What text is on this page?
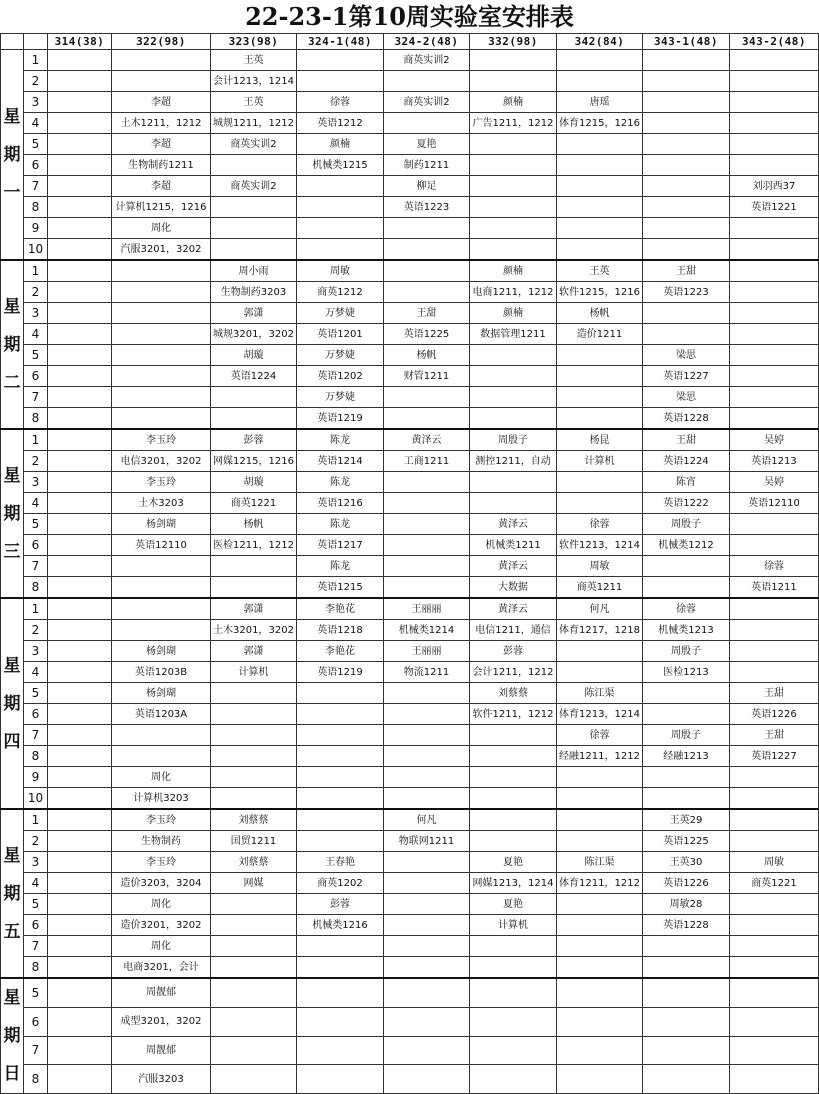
22-23-1第10周实验室安排表
		314(38)	322(98)	323(98)	324-1(48)	324-2(48)	332(98)	342(84)	343-1(48)	343-2(48)

星
期
一	1			王英		商英实训2				
	2			会计1213，1214						
	3		李超	王英	徐蓉	商英实训2	颜楠	唐瑶		
	4		土木1211，1212	城规1211，1212	英语1212		广告1211，1212	体育1215，1216		
	5		李超	商英实训2	颜楠	夏艳				
	6		生物制药1211		机械类1215	制药1211				
	7		李超	商英实训2		柳足				刘羽西37
	8		计算机1215，1216			英语1223				英语1221
	9		周化							
	10		汽服3201，3202							

星
期
二	1			周小雨	周敏		颜楠	王英	王甜	
	2			生物制药3203	商英1212		电商1211，1212	软件1215，1216	英语1223	
	3			郭潇	万梦婕	王甜	颜楠	杨帆		
	4			城规3201，3202	英语1201	英语1225	数据管理1211	造价1211		
	5			胡璇	万梦婕	杨帆			梁思	
	6			英语1224	英语1202	财管1211			英语1227	
	7				万梦婕				梁思	
	8				英语1219				英语1228	

星
期
三	1		李玉玲	彭蓉	陈龙	黄泽云	周殷子	杨昆	王甜	吴婷
	2		电信3201，3202	网媒1215，1216	英语1214	工商1211	测控1211，自动	计算机	英语1224	英语1213
	3		李玉玲	胡璇	陈龙				陈宵	吴婷
	4		土木3203	商英1221	英语1216				英语1222	英语12110
	5		杨剑瑚	杨帆	陈龙		黄泽云	徐蓉	周殷子	
	6		英语12110	医检1211，1212	英语1217		机械类1211	软件1213，1214	机械类1212	
	7				陈龙		黄泽云	周敏		徐蓉
	8				英语1215		大数据	商英1211		英语1211

星
期
四	1			郭潇	李艳花	王丽丽	黄泽云	何凡	徐蓉	
	2			土木3201，3202	英语1218	机械类1214	电信1211，通信	体育1217，1218	机械类1213	
	3		杨剑瑚	郭潇	李艳花	王丽丽	彭蓉		周殷子	
	4		英语1203B	计算机	英语1219	物流1211	会计1211，1212		医检1213	
	5		杨剑瑚				刘蔡蔡	陈江渠		王甜
	6		英语1203A				软件1211，1212	体育1213，1214		英语1226
	7							徐蓉	周殷子	王甜
	8							经融1211，1212	经融1213	英语1227
	9		周化							
	10		计算机3203							

星
期
五	1		李玉玲	刘蔡蔡		何凡			王英29	
	2		生物制药	国贸1211		物联网1211			英语1225	
	3		李玉玲	刘蔡蔡	王春艳		夏艳	陈江渠	王英30	周敏
	4		造价3203，3204	网媒	商英1202		网媒1213，1214	体育1211，1212	英语1226	商英1221
	5		周化		彭蓉		夏艳		周敏28	
	6		造价3201，3202		机械类1216		计算机		英语1228	
	7		周化							
	8		电商3201，会计							

星
期
日	5		周靓郁							
	6		成型3201，3202							
	7		周靓郁							
	8		汽服3203							
